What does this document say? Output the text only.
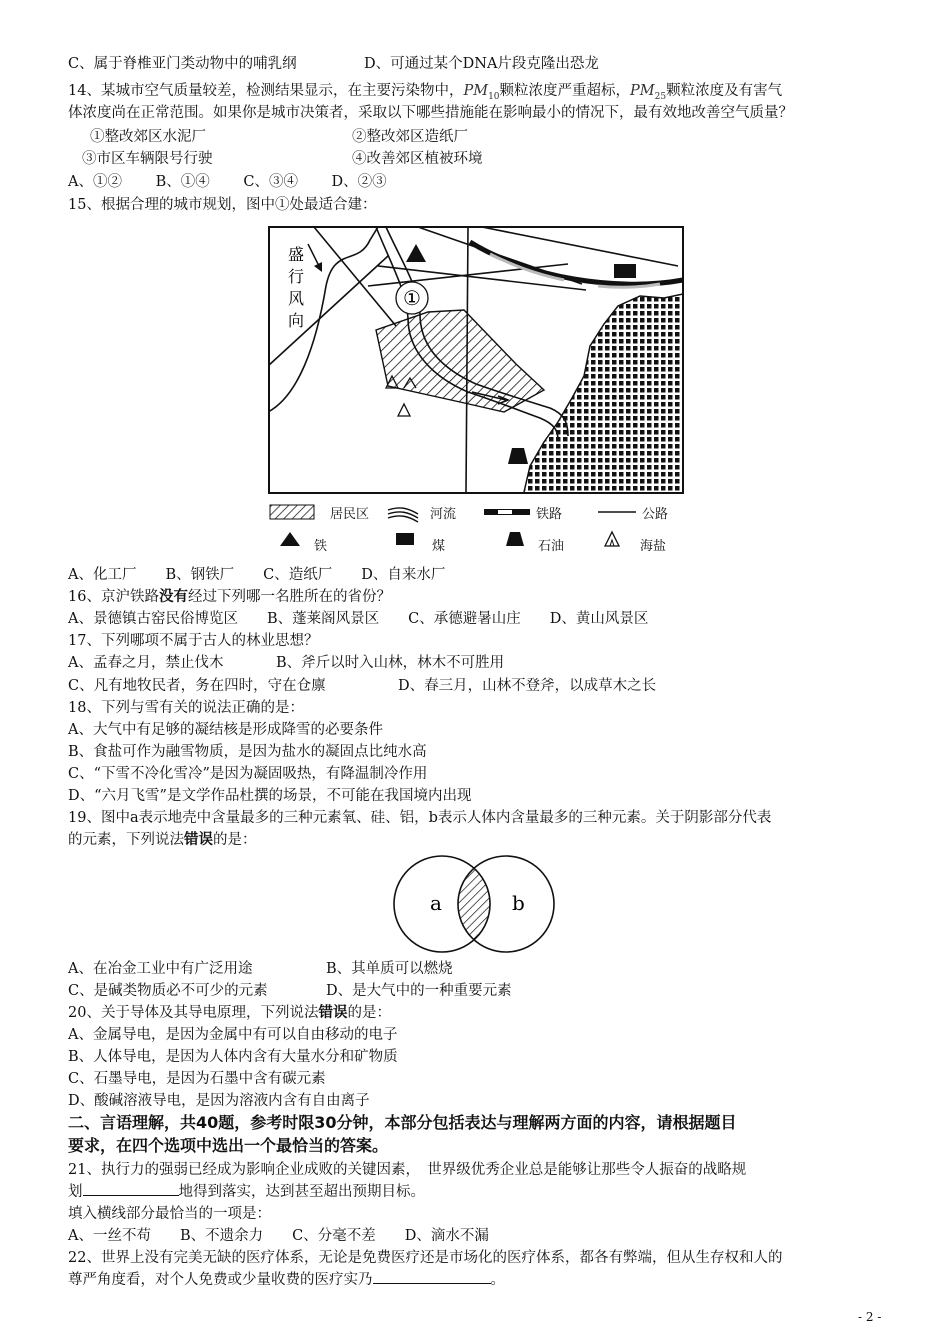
C、属于脊椎亚门类动物中的哺乳纲	D、可通过某个DNA片段克隆出恐龙
14、某城市空气质量较差，检测结果显示，在主要污染物中，$PM_{10}$颗粒浓度严重超标，$PM_{25}$颗粒浓度及有害气
体浓度尚在正常范围。如果你是城市决策者，采取以下哪些措施能在影响最小的情况下，最有效地改善空气质量？
①整改郊区水泥厂	②整改郊区造纸厂
③市区车辆限号行驶	④改善郊区植被环境
A、①②　　 B、①④　　 C、③④　　 D、②③
15、根据合理的城市规划，图中①处最适合建：
盛
行
风
向
①
居民区	河流	铁路	公路
铁	煤	石油	海盐
A、化工厂　　B、钢铁厂　　C、造纸厂　　D、自来水厂
16、京沪铁路没有经过下列哪一名胜所在的省份？
A、景德镇古窑民俗博览区　　B、蓬莱阁风景区　　C、承德避暑山庄　　D、黄山风景区
17、下列哪项不属于古人的林业思想？
A、孟春之月，禁止伐木	B、斧斤以时入山林，林木不可胜用
C、凡有地牧民者，务在四时，守在仓廪	D、春三月，山林不登斧，以成草木之长
18、下列与雪有关的说法正确的是：
A、大气中有足够的凝结核是形成降雪的必要条件
B、食盐可作为融雪物质，是因为盐水的凝固点比纯水高
C、“下雪不冷化雪冷”是因为凝固吸热，有降温制冷作用
D、“六月飞雪”是文学作品杜撰的场景，不可能在我国境内出现
19、图中a表示地壳中含量最多的三种元素氧、硅、铝，b表示人体内含量最多的三种元素。关于阴影部分代表
的元素，下列说法错误的是：
a	b
A、在冶金工业中有广泛用途	B、其单质可以燃烧
C、是碱类物质必不可少的元素	D、是大气中的一种重要元素
20、关于导体及其导电原理，下列说法错误的是：
A、金属导电，是因为金属中有可以自由移动的电子
B、人体导电，是因为人体内含有大量水分和矿物质
C、石墨导电，是因为石墨中含有碳元素
D、酸碱溶液导电，是因为溶液内含有自由离子
二、言语理解，共40题，参考时限30分钟，本部分包括表达与理解两方面的内容，请根据题目
要求，在四个选项中选出一个最恰当的答案。
21、执行力的强弱已经成为影响企业成败的关键因素，　世界级优秀企业总是能够让那些令人振奋的战略规
划	地得到落实，达到甚至超出预期目标。
填入横线部分最恰当的一项是：
A、一丝不苟　　B、不遗余力　　C、分毫不差　　D、滴水不漏
22、世界上没有完美无缺的医疗体系，无论是免费医疗还是市场化的医疗体系，都各有弊端，但从生存权和人的
尊严角度看，对个人免费或少量收费的医疗实乃	。
- 2 -
